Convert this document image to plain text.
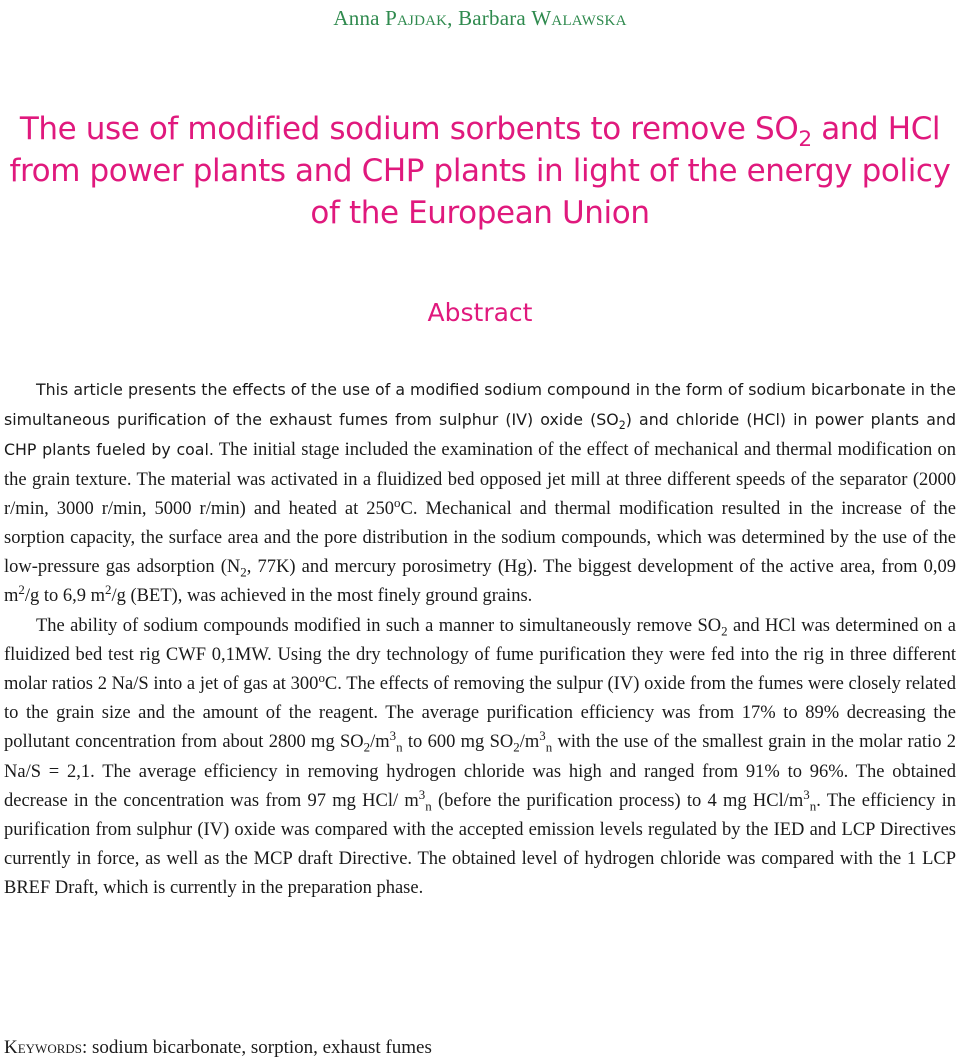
Anna Pajdak, Barbara Walawska
The use of modified sodium sorbents to remove $SO_2$ and HCl
from power plants and CHP plants in light of the energy policy
of the European Union
Abstract

This article presents the effects of the use of a modified sodium compound in the form of sodium bicarbonate in the simultaneous purification of the exhaust fumes from sulphur (IV) oxide $(SO_2)$ and chloride (HCl) in power plants and CHP plants fueled by coal. The initial stage included the examination of the effect of mechanical and thermal modification on the grain texture. The material was activated in a fluidized bed opposed jet mill at three different speeds of the separator (2000 r/min, 3000 r/min, 5000 r/min) and heated at 250$^o$C. Mechanical and thermal modification resulted in the increase of the sorption capacity, the surface area and the pore distribution in the sodium compounds, which was determined by the use of the low-pressure gas adsorption ($N_2$, 77K) and mercury porosimetry (Hg). The biggest development of the active area, from 0,09 $m^2/g$ to 6,9 $m^2/g$ (BET), was achieved in the most finely ground grains.

The ability of sodium compounds modified in such a manner to simultaneously remove $SO_2$ and HCl was determined on a fluidized bed test rig CWF 0,1MW. Using the dry technology of fume purification they were fed into the rig in three different molar ratios 2 Na/S into a jet of gas at 300$^o$C. The effects of removing the sulpur (IV) oxide from the fumes were closely related to the grain size and the amount of the reagent. The average purification efficiency was from 17% to 89% decreasing the pollutant concentration from about 2800 mg $SO_2/m^3_n$ to 600 mg $SO_2/m^3_n$ with the use of the smallest grain in the molar ratio 2 Na/S = 2,1. The average efficiency in removing hydrogen chloride was high and ranged from 91% to 96%. The obtained decrease in the concentration was from 97 mg HCl/ $m^3_n$ (before the purification process) to 4 mg HCl/$m^3_n$. The efficiency in purification from sulphur (IV) oxide was compared with the accepted emission levels regulated by the IED and LCP Directives currently in force, as well as the MCP draft Directive. The obtained level of hydrogen chloride was compared with the 1 LCP BREF Draft, which is currently in the preparation phase.

Keywords: sodium bicarbonate, sorption, exhaust fumes
